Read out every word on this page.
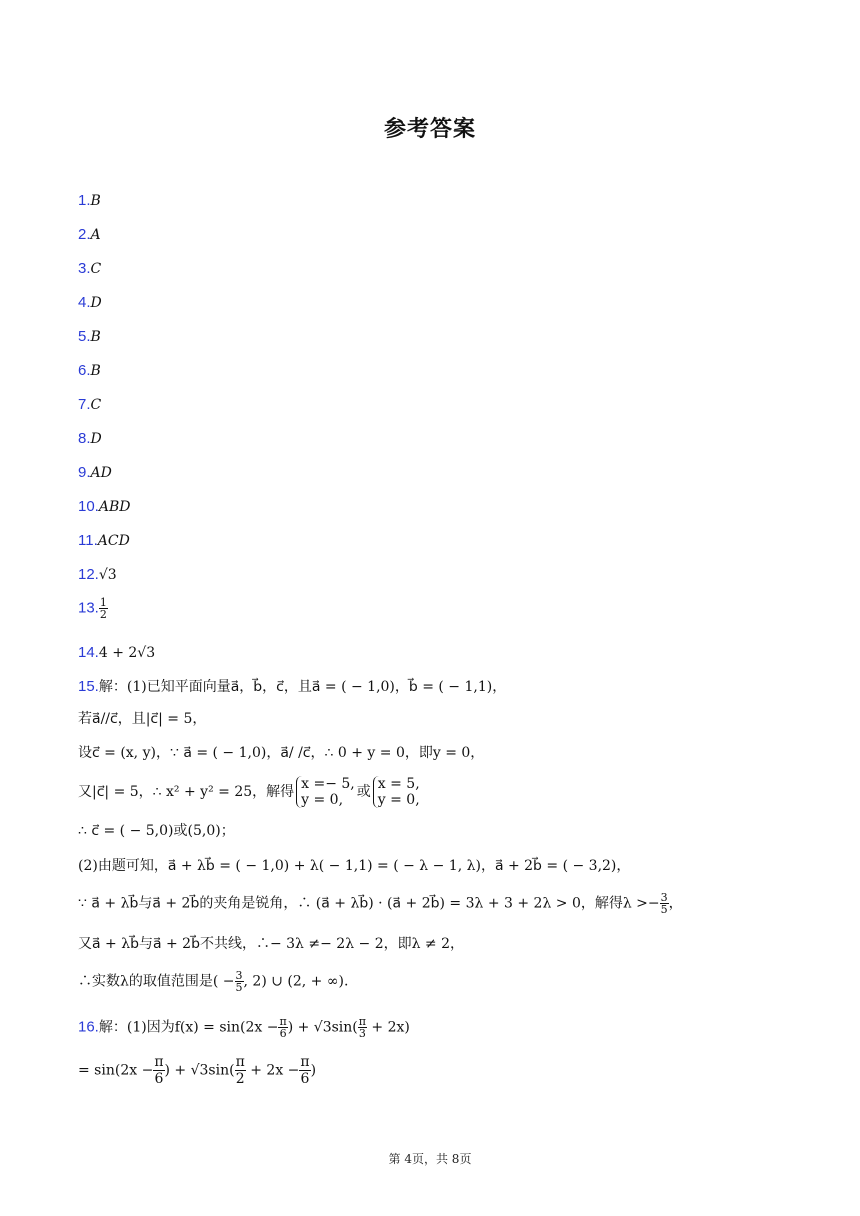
参考答案
1.B
2.A
3.C
4.D
5.B
6.B
7.C
8.D
9.AD
10.ABD
11.ACD
12.√3
13. $\frac{1}{2}$
14.4 + 2√3
15.解：(1)已知平面向量a⃗，b⃗，c⃗，且a⃗ = ( − 1,0)，b⃗ = ( − 1,1)，
若a⃗//c⃗，且|c⃗| = 5，
设c⃗ = (x, y)，∵ a⃗ = ( − 1,0)，a⃗/ /c⃗，∴ 0 + y = 0，即y = 0，
又|c⃗| = 5，∴ x² + y² = 25，解得 x =− 5,
y = 0, 或 x = 5,
y = 0,
∴ c⃗ = ( − 5,0)或(5,0)；
(2)由题可知，a⃗ + λb⃗ = ( − 1,0) + λ( − 1,1) = ( − λ − 1, λ)，a⃗ + 2b⃗ = ( − 3,2)，
∵ a⃗ + λb⃗与a⃗ + 2b⃗的夹角是锐角，∴ (a⃗ + λb⃗) · (a⃗ + 2b⃗) = 3λ + 3 + 2λ > 0，解得$\lambda >- \frac{3}{5}$，
又a⃗ + λb⃗与a⃗ + 2b⃗不共线，∴− 3λ ≠− 2λ − 2，即λ ≠ 2，
∴实数λ的取值范围是( − $\frac{3}{5}$, 2) ∪ (2, + ∞).
16.解：(1)因为$f(x) = \sin(2x - \frac{\pi}{6}) + √3\sin( \frac{\pi}{3} + 2x)$
= $\sin(2x - \frac{\pi}{6}) + √3\sin( \frac{\pi}{2} + 2x - \frac{\pi}{6})$
第 4页，共 8页
